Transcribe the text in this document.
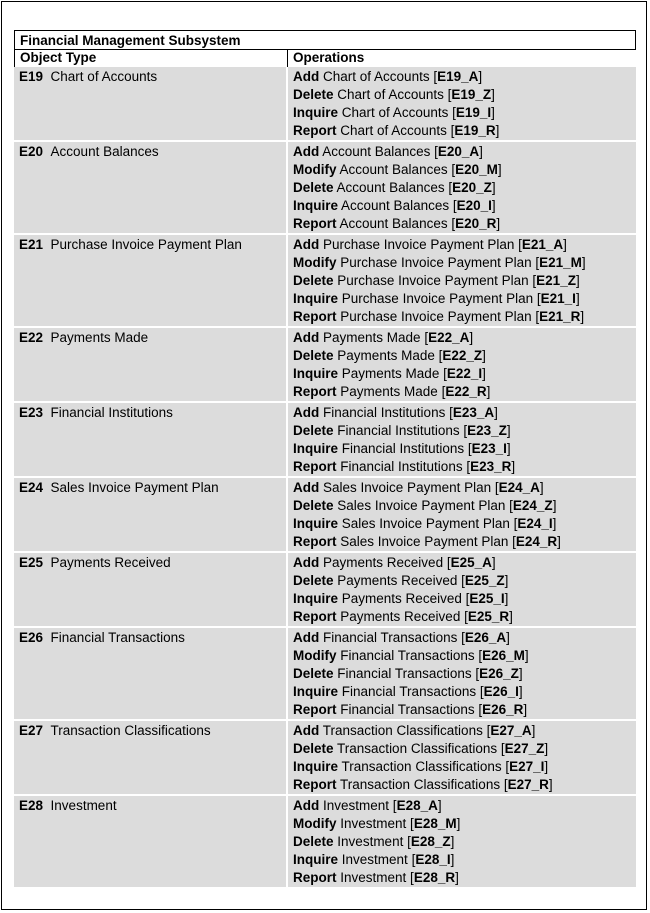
Financial Management Subsystem
Object Type	Operations
E19 Chart of Accounts	Add Chart of Accounts [E19_A]
Delete Chart of Accounts [E19_Z]
Inquire Chart of Accounts [E19_I]
Report Chart of Accounts [E19_R]
E20 Account Balances	Add Account Balances [E20_A]
Modify Account Balances [E20_M]
Delete Account Balances [E20_Z]
Inquire Account Balances [E20_I]
Report Account Balances [E20_R]
E21 Purchase Invoice Payment Plan	Add Purchase Invoice Payment Plan [E21_A]
Modify Purchase Invoice Payment Plan [E21_M]
Delete Purchase Invoice Payment Plan [E21_Z]
Inquire Purchase Invoice Payment Plan [E21_I]
Report Purchase Invoice Payment Plan [E21_R]
E22 Payments Made	Add Payments Made [E22_A]
Delete Payments Made [E22_Z]
Inquire Payments Made [E22_I]
Report Payments Made [E22_R]
E23 Financial Institutions	Add Financial Institutions [E23_A]
Delete Financial Institutions [E23_Z]
Inquire Financial Institutions [E23_I]
Report Financial Institutions [E23_R]
E24 Sales Invoice Payment Plan	Add Sales Invoice Payment Plan [E24_A]
Delete Sales Invoice Payment Plan [E24_Z]
Inquire Sales Invoice Payment Plan [E24_I]
Report Sales Invoice Payment Plan [E24_R]
E25 Payments Received	Add Payments Received [E25_A]
Delete Payments Received [E25_Z]
Inquire Payments Received [E25_I]
Report Payments Received [E25_R]
E26 Financial Transactions	Add Financial Transactions [E26_A]
Modify Financial Transactions [E26_M]
Delete Financial Transactions [E26_Z]
Inquire Financial Transactions [E26_I]
Report Financial Transactions [E26_R]
E27 Transaction Classifications	Add Transaction Classifications [E27_A]
Delete Transaction Classifications [E27_Z]
Inquire Transaction Classifications [E27_I]
Report Transaction Classifications [E27_R]
E28 Investment	Add Investment [E28_A]
Modify Investment [E28_M]
Delete Investment [E28_Z]
Inquire Investment [E28_I]
Report Investment [E28_R]
